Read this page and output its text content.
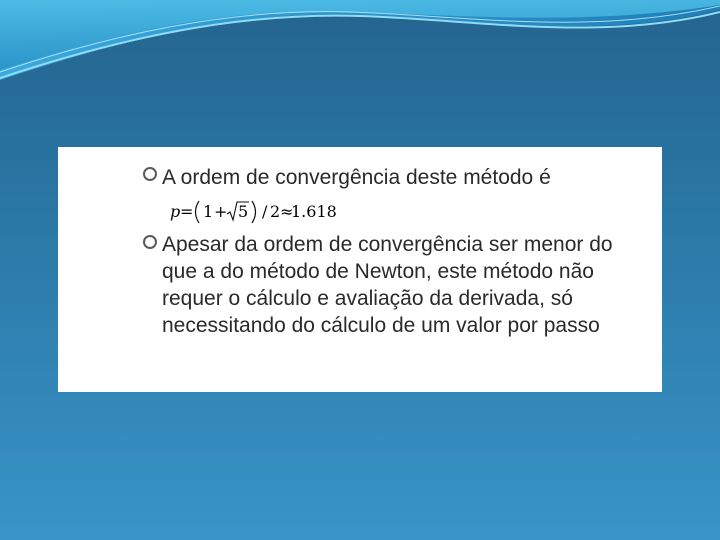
A ordem de convergência deste método é
p = 1 + 5 / 2 ≈
1.618
Apesar da ordem de convergência ser menor do que a do método de Newton, este método não requer o cálculo e avaliação da derivada, só necessitando do cálculo de um valor por passo
